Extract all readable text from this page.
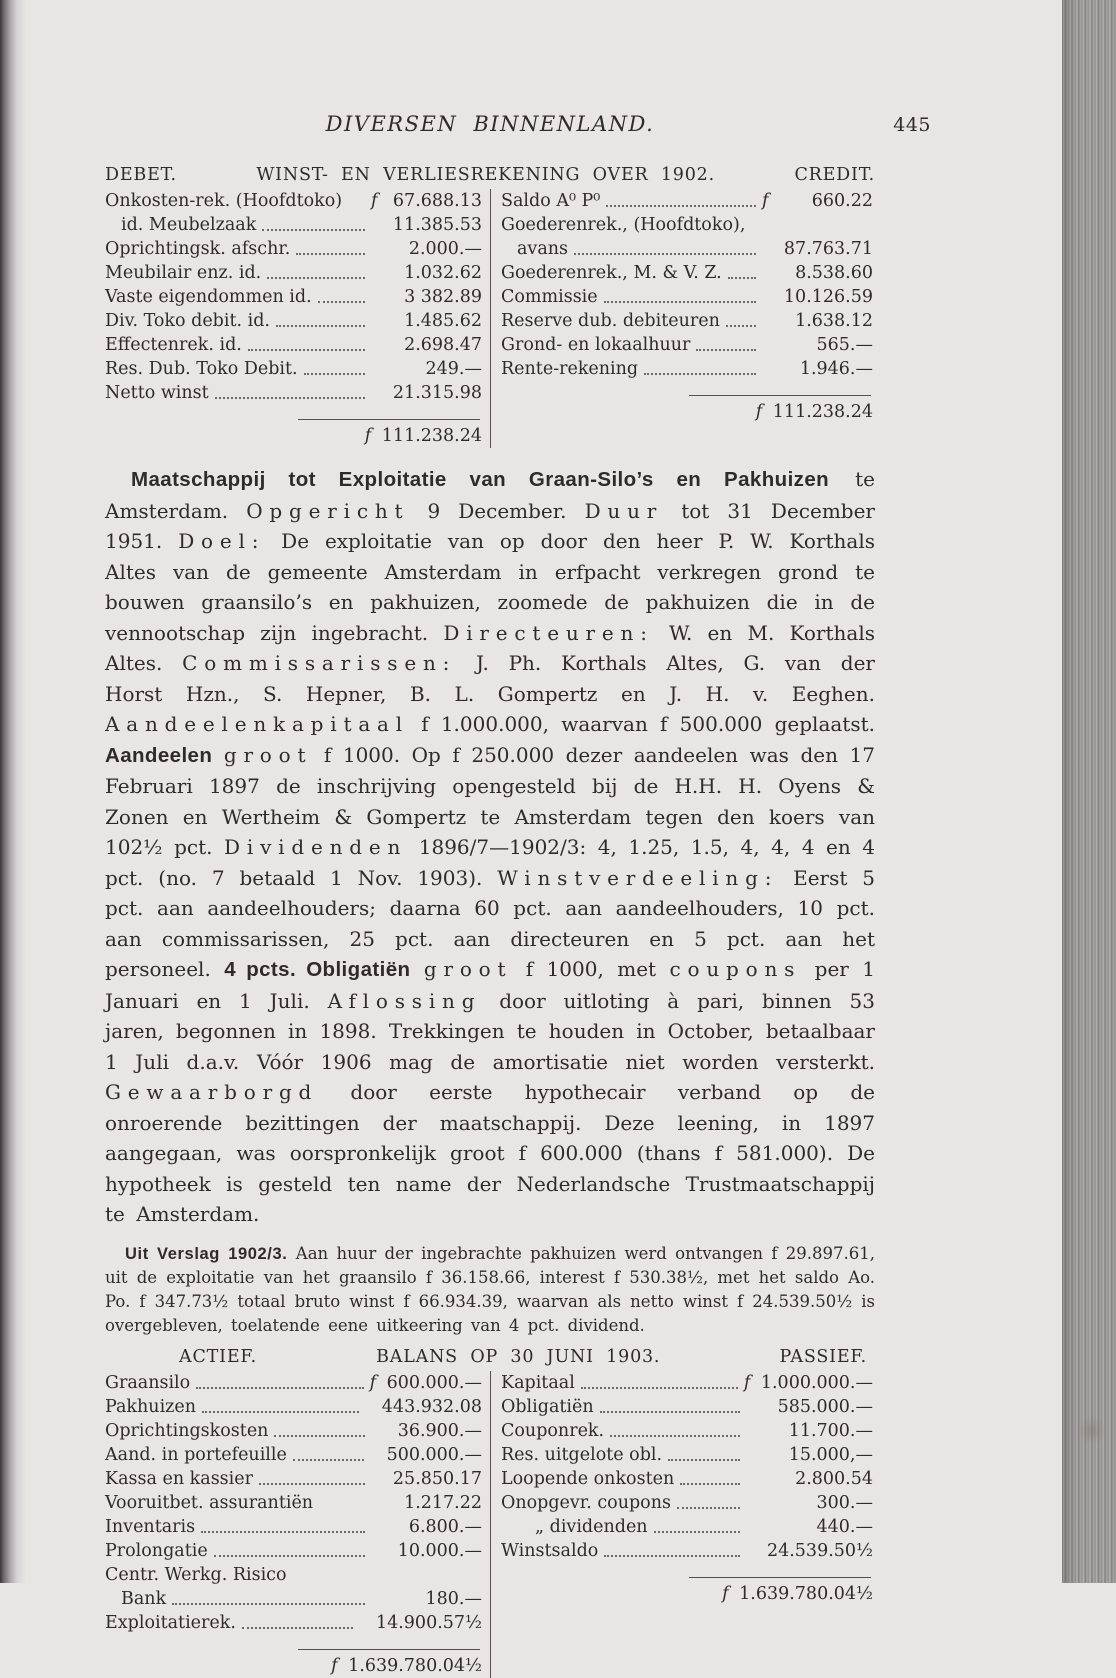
DIVERSEN BINNENLAND.	445
DEBET.	WINST- EN VERLIESREKENING OVER 1902.	CREDIT.
Onkosten-rek. (Hoofdtoko) f 67.688.13
id. Meubelzaak	11.385.53
Oprichtingsk. afschr.	2.000.—
Meubilair enz. id.	1.032.62
Vaste eigendommen id.	3 382.89
Div. Toko debit. id.	1.485.62
Effectenrek. id.	2.698.47
Res. Dub. Toko Debit.	249.—
Netto winst	21.315.98
f 111.238.24
Saldo A⁰ P⁰	f	660.22
Goederenrek., (Hoofdtoko),
avans	87.763.71
Goederenrek., M. & V. Z.	8.538.60
Commissie	10.126.59
Reserve dub. debiteuren	1.638.12
Grond- en lokaalhuur	565.—
Rente-rekening	1.946.—
f 111.238.24

Maatschappij tot Exploitatie van Graan-Silo’s en Pakhuizen te Amsterdam. Opgericht 9 December. Duur tot 31 December 1951. Doel: De exploitatie van op door den heer P. W. Korthals Altes van de gemeente Amsterdam in erfpacht verkregen grond te bouwen graansilo’s en pakhuizen, zoomede de pakhuizen die in de vennootschap zijn ingebracht. Directeuren: W. en M. Korthals Altes. Commissarissen: J. Ph. Korthals Altes, G. van der Horst Hzn., S. Hepner, B. L. Gompertz en J. H. v. Eeghen. Aandeelenkapitaal f 1.000.000, waarvan f 500.000 geplaatst. Aandeelen groot f 1000. Op f 250.000 dezer aandeelen was den 17 Februari 1897 de inschrijving opengesteld bij de H.H. H. Oyens & Zonen en Wertheim & Gompertz te Amsterdam tegen den koers van 102½ pct. Dividenden 1896/7—1902/3: 4, 1.25, 1.5, 4, 4, 4 en 4 pct. (no. 7 betaald 1 Nov. 1903). Winstverdeeling: Eerst 5 pct. aan aandeelhouders; daarna 60 pct. aan aandeelhouders, 10 pct. aan commissarissen, 25 pct. aan directeuren en 5 pct. aan het personeel. 4 pcts. Obligatiën groot f 1000, met coupons per 1 Januari en 1 Juli. Aflossing door uitloting à pari, binnen 53 jaren, begonnen in 1898. Trekkingen te houden in October, betaalbaar 1 Juli d.a.v. Vóór 1906 mag de amortisatie niet worden versterkt. Gewaarborgd door eerste hypothecair verband op de onroerende bezittingen der maatschappij. Deze leening, in 1897 aangegaan, was oorspronkelijk groot f 600.000 (thans f 581.000). De hypotheek is gesteld ten name der Nederlandsche Trustmaatschappij te Amsterdam.

Uit Verslag 1902/3. Aan huur der ingebrachte pakhuizen werd ontvangen f 29.897.61, uit de exploitatie van het graansilo f 36.158.66, interest f 530.38½, met het saldo Ao. Po. f 347.73½ totaal bruto winst f 66.934.39, waarvan als netto winst f 24.539.50½ is overgebleven, toelatende eene uitkeering van 4 pct. dividend.

ACTIEF.	BALANS OP 30 JUNI 1903.	PASSIEF.
Graansilo	f 600.000.—
Pakhuizen	443.932.08
Oprichtingskosten	36.900.—
Aand. in portefeuille	500.000.—
Kassa en kassier	25.850.17
Vooruitbet. assurantiën	1.217.22
Inventaris	6.800.—
Prolongatie	10.000.—
Centr. Werkg. Risico
Bank	180.—
Exploitatierek.	14.900.57½
f 1.639.780.04½
Kapitaal	f 1.000.000.—
Obligatiën	585.000.—
Couponrek.	11.700.—
Res. uitgelote obl.	15.000,—
Loopende onkosten	2.800.54
Onopgevr. coupons	300.—
„ dividenden	440.—
Winstsaldo	24.539.50½
f 1.639.780.04½
